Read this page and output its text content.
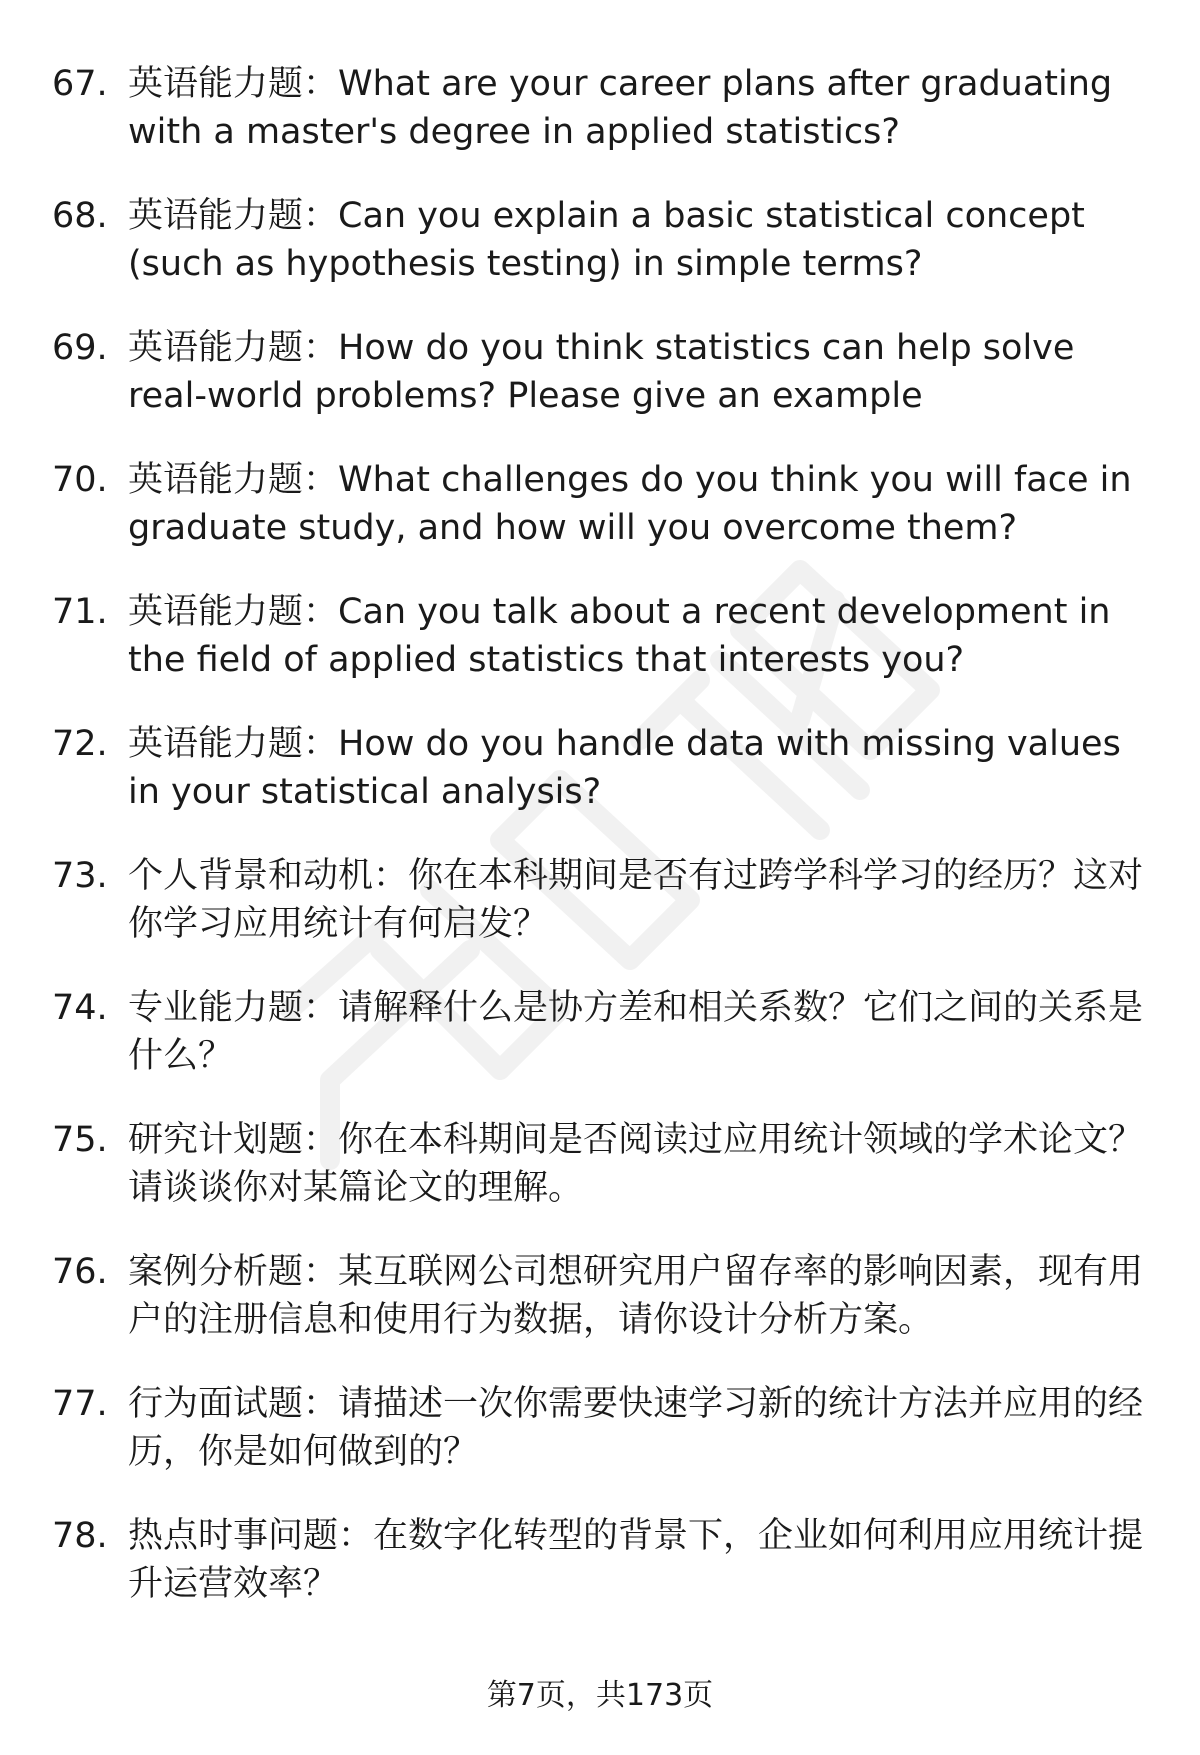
67. 英语能力题：What are your career plans after graduating with a master's degree in applied statistics?
68. 英语能力题：Can you explain a basic statistical concept (such as hypothesis testing) in simple terms?
69. 英语能力题：How do you think statistics can help solve real-world problems? Please give an example
70. 英语能力题：What challenges do you think you will face in graduate study, and how will you overcome them?
71. 英语能力题：Can you talk about a recent development in the field of applied statistics that interests you?
72. 英语能力题：How do you handle data with missing values in your statistical analysis?
73. 个人背景和动机：你在本科期间是否有过跨学科学习的经历？这对你学习应用统计有何启发？
74. 专业能力题：请解释什么是协方差和相关系数？它们之间的关系是什么？
75. 研究计划题：你在本科期间是否阅读过应用统计领域的学术论文？请谈谈你对某篇论文的理解。
76. 案例分析题：某互联网公司想研究用户留存率的影响因素，现有用户的注册信息和使用行为数据，请你设计分析方案。
77. 行为面试题：请描述一次你需要快速学习新的统计方法并应用的经历，你是如何做到的？
78. 热点时事问题：在数字化转型的背景下，企业如何利用应用统计提升运营效率？
第7页，共173页
